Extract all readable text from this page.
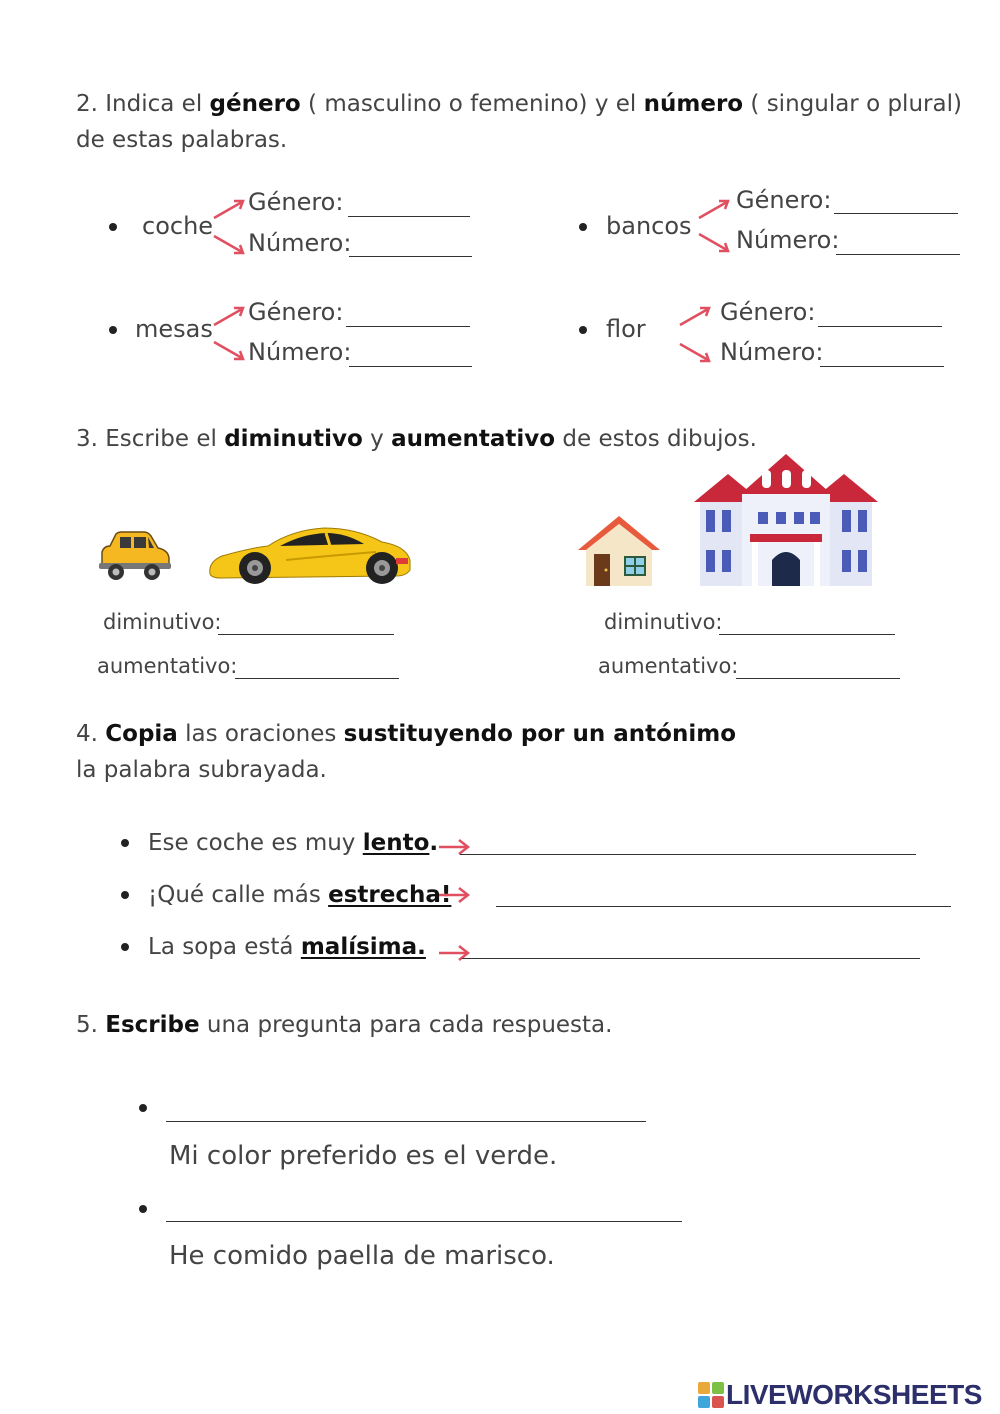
2. Indica el género ( masculino o femenino) y el número ( singular o plural) de estas palabras.
coche
Género:
Número:
bancos
Género:
Número:
mesas
Género:
Número:
flor
Género:
Número:
3. Escribe el diminutivo y aumentativo de estos dibujos.
diminutivo:
aumentativo:
diminutivo:
aumentativo:
4. Copia las oraciones sustituyendo por un antónimo
la palabra subrayada.
Ese coche es muy lento.
¡Qué calle más estrecha!
La sopa está malísima.
5. Escribe una pregunta para cada respuesta.
Mi color preferido es el verde.
He comido paella de marisco.
LIVEWORKSHEETS
